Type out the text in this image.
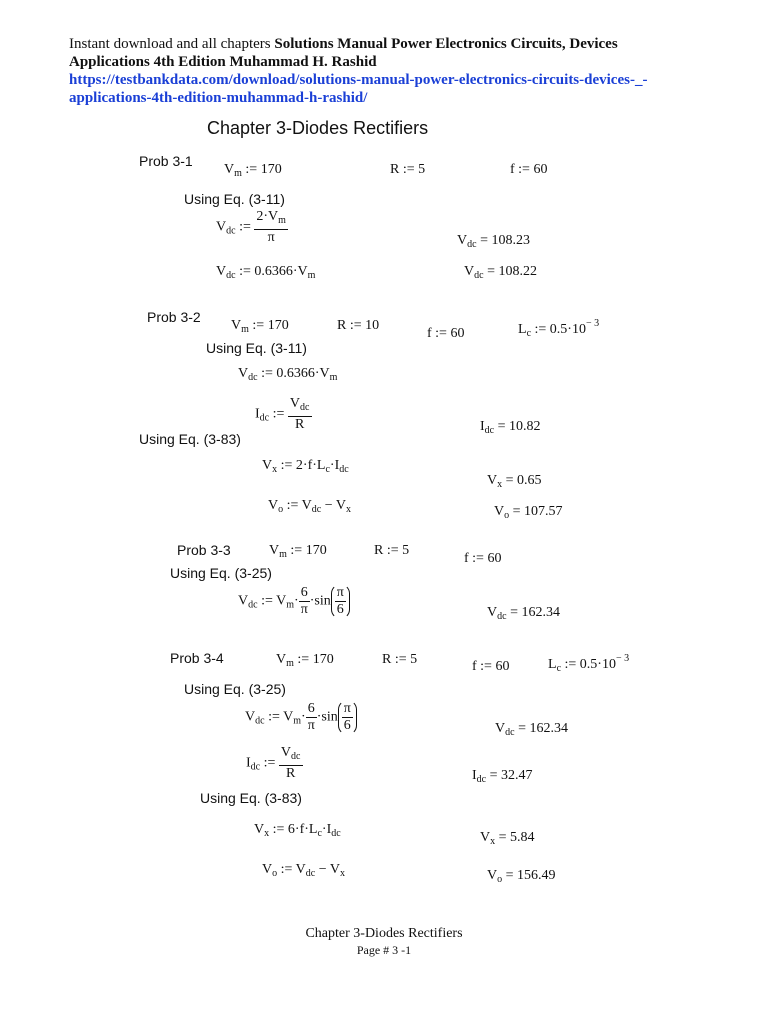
Instant download and all chapters Solutions Manual Power Electronics Circuits, Devices
Applications 4th Edition Muhammad H. Rashid
https://testbankdata.com/download/solutions-manual-power-electronics-circuits-devices-_-
applications-4th-edition-muhammad-h-rashid/
Chapter 3-Diodes Rectifiers
Prob 3-1
$V_m$ := 170	R := 5	f := 60
Using Eq. (3-11)
$V_{dc}$ := $\frac{2\cdot V_m}{\pi}$	$V_{dc} = 108.23$
$V_{dc}$ := $0.6366\cdot V_m$	$V_{dc} = 108.22$
Prob 3-2
$V_m$ := 170	R := 10
f := 60	$L_c$ := $0.5\cdot 10^{- 3}$
Using Eq. (3-11)
$V_{dc}$ := $0.6366\cdot V_m$
$I_{dc}$ := $\frac{V_{dc}}{R}$	$I_{dc} = 10.82$
Using Eq. (3-83)
$V_x$ := $2\cdot f\cdot L_c\cdot I_{dc}$
$V_x = 0.65$
$V_o$ := $V_{dc} - V_x$	$V_o = 107.57$
Prob 3-3	$V_m$ := 170	R := 5
f := 60
Using Eq. (3-25)
$V_{dc}$ := $V_m\cdot \frac{6}{\pi} \cdot\sin \frac{\pi}{6}$	$V_{dc} = 162.34$
Prob 3-4	$V_m$ := 170	R := 5	f := 60	$L_c$ := $0.5\cdot 10^{- 3}$
Using Eq. (3-25)
$V_{dc}$ := $V_m\cdot \frac{6}{\pi} \cdot\sin \frac{\pi}{6}$	$V_{dc} = 162.34$
$I_{dc}$ := $\frac{V_{dc}}{R}$	$I_{dc} = 32.47$
Using Eq. (3-83)
$V_x$ := $6\cdot f\cdot L_c\cdot I_{dc}$	$V_x = 5.84$
$V_o$ := $V_{dc} - V_x$	$V_o = 156.49$
Chapter 3-Diodes Rectifiers
Page # 3 -1
